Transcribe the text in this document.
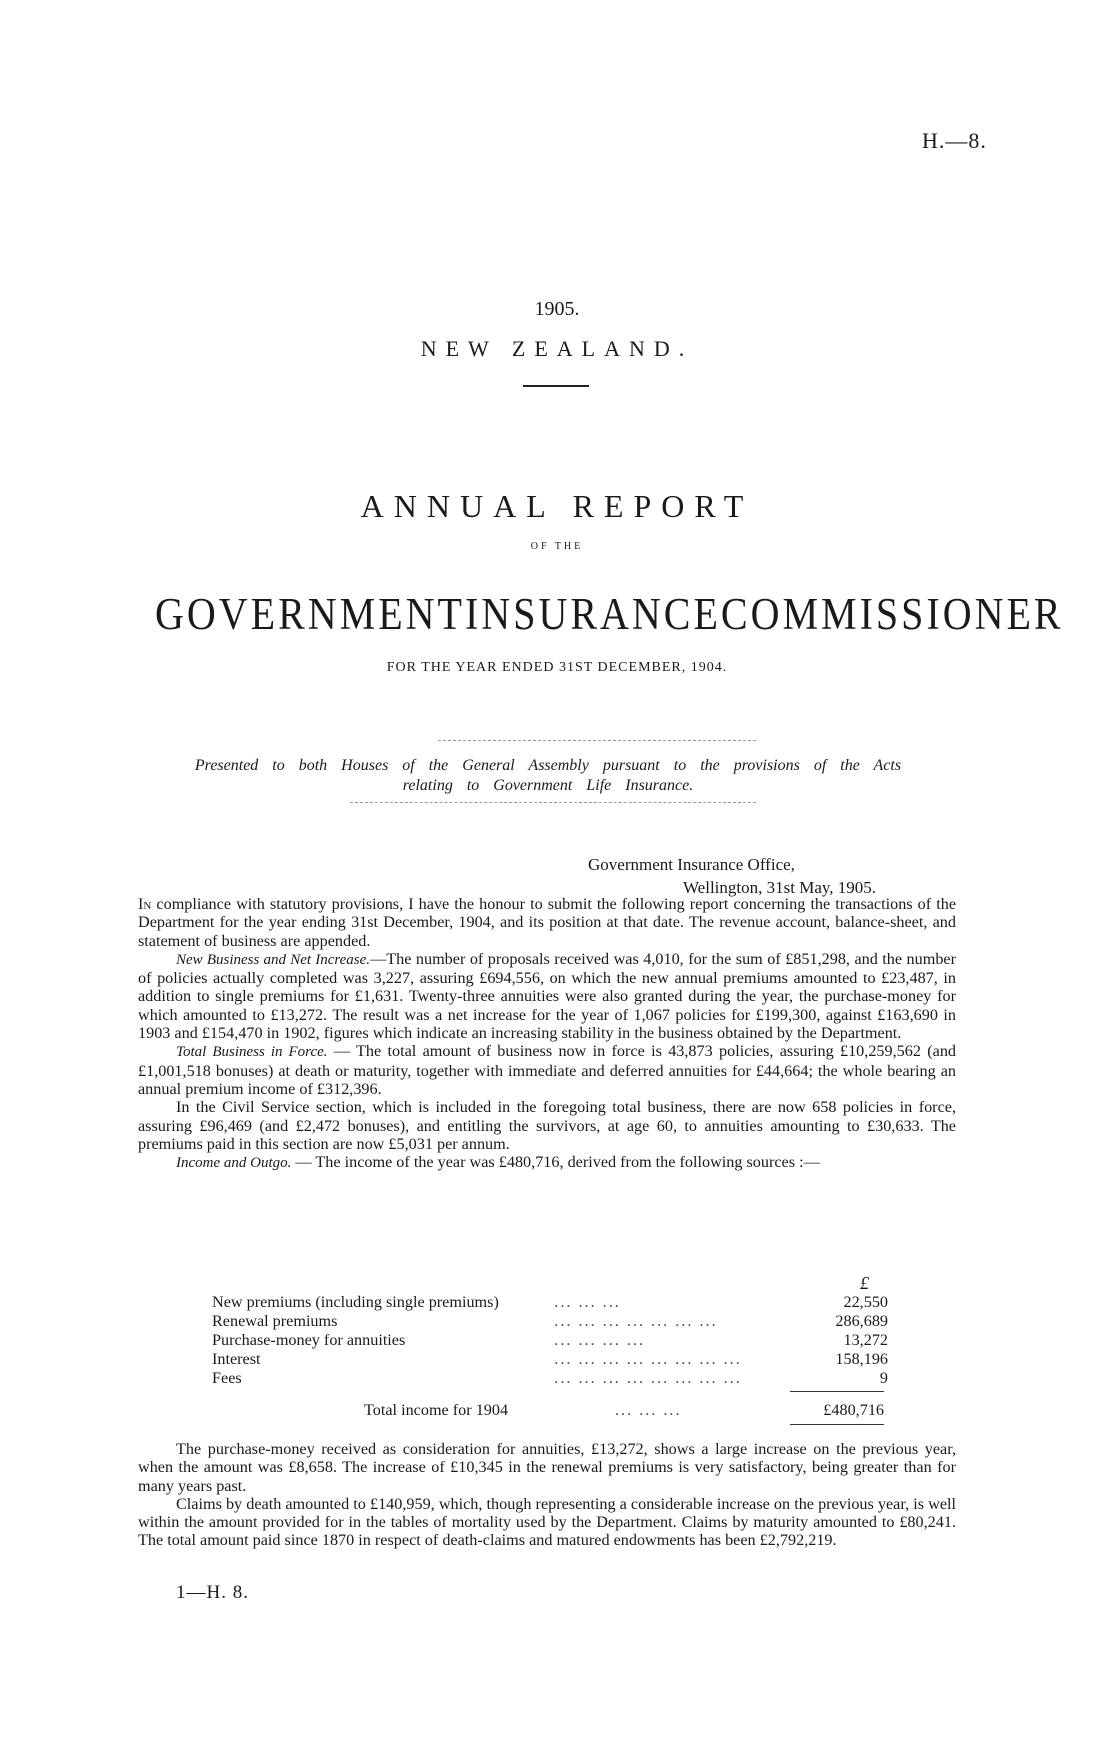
H.—8.
1905.
NEW ZEALAND.
ANNUAL REPORT
OF THE
GOVERNMENT INSURANCE COMMISSIONER
FOR THE YEAR ENDED 31ST DECEMBER, 1904.
Presented to both Houses of the General Assembly pursuant to the provisions of the Acts
relating to Government Life Insurance.
Government Insurance Office,
Wellington, 31st May, 1905.

In compliance with statutory provisions, I have the honour to submit the following report concerning the transactions of the Department for the year ending 31st December, 1904, and its position at that date. The revenue account, balance-sheet, and statement of business are appended.

New Business and Net Increase.—The number of proposals received was 4,010, for the sum of £851,298, and the number of policies actually completed was 3,227, assuring £694,556, on which the new annual premiums amounted to £23,487, in addition to single premiums for £1,631. Twenty-three annuities were also granted during the year, the purchase-money for which amounted to £13,272. The result was a net increase for the year of 1,067 policies for £199,300, against £163,690 in 1903 and £154,470 in 1902, figures which indicate an increasing stability in the business obtained by the Department.

Total Business in Force. — The total amount of business now in force is 43,873 policies, assuring £10,259,562 (and £1,001,518 bonuses) at death or maturity, together with immediate and deferred annuities for £44,664; the whole bearing an annual premium income of £312,396.

In the Civil Service section, which is included in the foregoing total business, there are now 658 policies in force, assuring £96,469 (and £2,472 bonuses), and entitling the survivors, at age 60, to annuities amounting to £30,633. The premiums paid in this section are now £5,031 per annum.

Income and Outgo. — The income of the year was £480,716, derived from the following sources :—

£
New premiums (including single premiums)	... ... ...	22,550
Renewal premiums	... ... ... ... ... ... ...	286,689
Purchase-money for annuities	... ... ... ...	13,272
Interest	... ... ... ... ... ... ... ...	158,196
Fees	... ... ... ... ... ... ... ...	9
Total income for 1904	... ... ...	£480,716

The purchase-money received as consideration for annuities, £13,272, shows a large increase on the previous year, when the amount was £8,658. The increase of £10,345 in the renewal premiums is very satisfactory, being greater than for many years past.

Claims by death amounted to £140,959, which, though representing a considerable increase on the previous year, is well within the amount provided for in the tables of mortality used by the Department. Claims by maturity amounted to £80,241. The total amount paid since 1870 in respect of death-claims and matured endowments has been £2,792,219.

1—H. 8.
